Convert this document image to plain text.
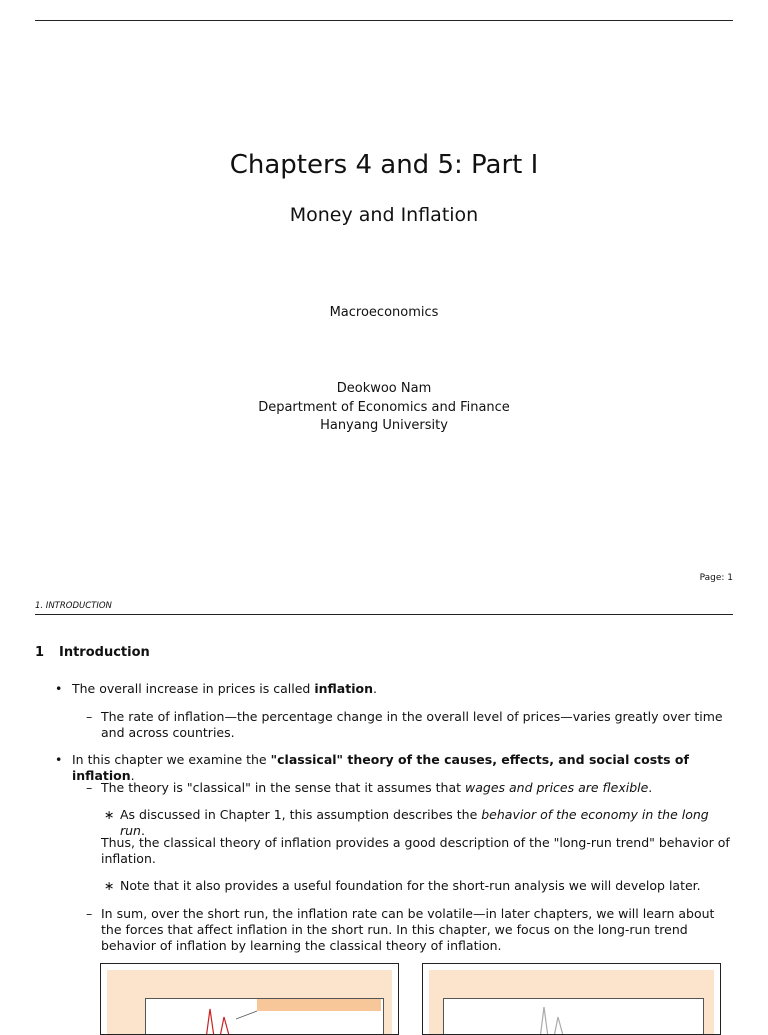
Chapters 4 and 5: Part I
Money and Inflation
Macroeconomics
Deokwoo Nam
Department of Economics and Finance
Hanyang University
Page: 1
1. INTRODUCTION
1 Introduction
• The overall increase in prices is called inflation.
– The rate of inflation—the percentage change in the overall level of prices—varies greatly over time and across countries.
• In this chapter we examine the "classical" theory of the causes, effects, and social costs of inflation.
– The theory is "classical" in the sense that it assumes that wages and prices are flexible.
∗ As discussed in Chapter 1, this assumption describes the behavior of the economy in the long run.
Thus, the classical theory of inflation provides a good description of the "long-run trend" behavior of inflation.
∗ Note that it also provides a useful foundation for the short-run analysis we will develop later.
– In sum, over the short run, the inflation rate can be volatile—in later chapters, we will learn about the forces that affect inflation in the short run. In this chapter, we focus on the long-run trend behavior of inflation by learning the classical theory of inflation.
